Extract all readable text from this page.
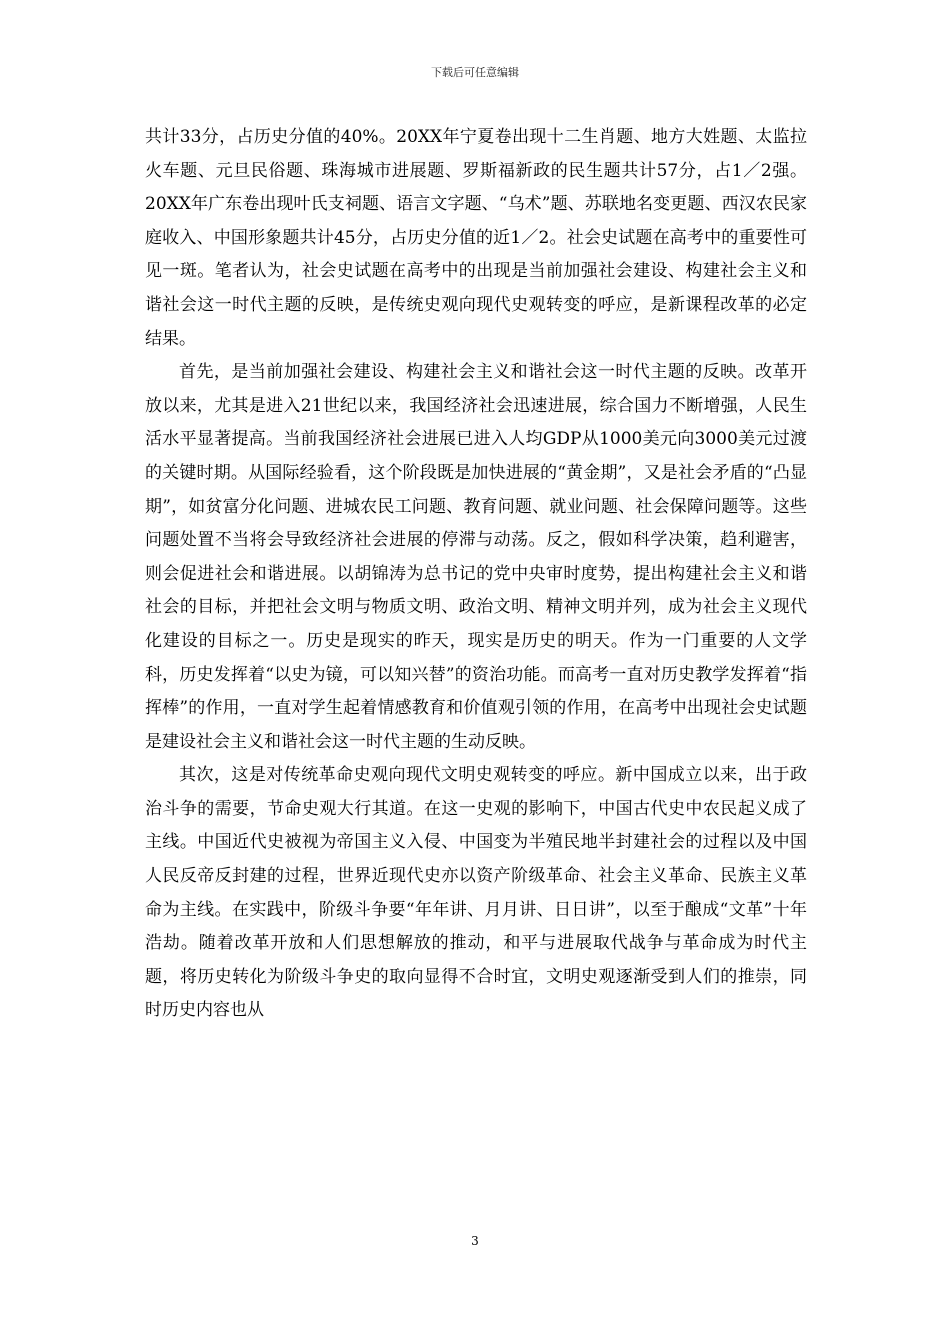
下载后可任意编辑

共计33分，占历史分值的40%。20XX年宁夏卷出现十二生肖题、地方大姓题、太监拉火车题、元旦民俗题、珠海城市进展题、罗斯福新政的民生题共计57分，占1／2强。20XX年广东卷出现叶氏支祠题、语言文字题、“乌术”题、苏联地名变更题、西汉农民家庭收入、中国形象题共计45分，占历史分值的近1／2。社会史试题在高考中的重要性可见一斑。笔者认为，社会史试题在高考中的出现是当前加强社会建设、构建社会主义和谐社会这一时代主题的反映，是传统史观向现代史观转变的呼应，是新课程改革的必定结果。

首先，是当前加强社会建设、构建社会主义和谐社会这一时代主题的反映。改革开放以来，尤其是进入21世纪以来，我国经济社会迅速进展，综合国力不断增强，人民生活水平显著提高。当前我国经济社会进展已进入人均GDP从1000美元向3000美元过渡的关键时期。从国际经验看，这个阶段既是加快进展的“黄金期”，又是社会矛盾的“凸显期”，如贫富分化问题、进城农民工问题、教育问题、就业问题、社会保障问题等。这些问题处置不当将会导致经济社会进展的停滞与动荡。反之，假如科学决策，趋利避害，则会促进社会和谐进展。以胡锦涛为总书记的党中央审时度势，提出构建社会主义和谐社会的目标，并把社会文明与物质文明、政治文明、精神文明并列，成为社会主义现代化建设的目标之一。历史是现实的昨天，现实是历史的明天。作为一门重要的人文学科，历史发挥着“以史为镜，可以知兴替”的资治功能。而高考一直对历史教学发挥着“指挥棒”的作用，一直对学生起着情感教育和价值观引领的作用，在高考中出现社会史试题是建设社会主义和谐社会这一时代主题的生动反映。

其次，这是对传统革命史观向现代文明史观转变的呼应。新中国成立以来，出于政治斗争的需要，节命史观大行其道。在这一史观的影响下，中国古代史中农民起义成了主线。中国近代史被视为帝国主义入侵、中国变为半殖民地半封建社会的过程以及中国人民反帝反封建的过程，世界近现代史亦以资产阶级革命、社会主义革命、民族主义革命为主线。在实践中，阶级斗争要“年年讲、月月讲、日日讲”，以至于酿成“文革”十年浩劫。随着改革开放和人们思想解放的推动，和平与进展取代战争与革命成为时代主题，将历史转化为阶级斗争史的取向显得不合时宜，文明史观逐渐受到人们的推崇，同时历史内容也从

3
